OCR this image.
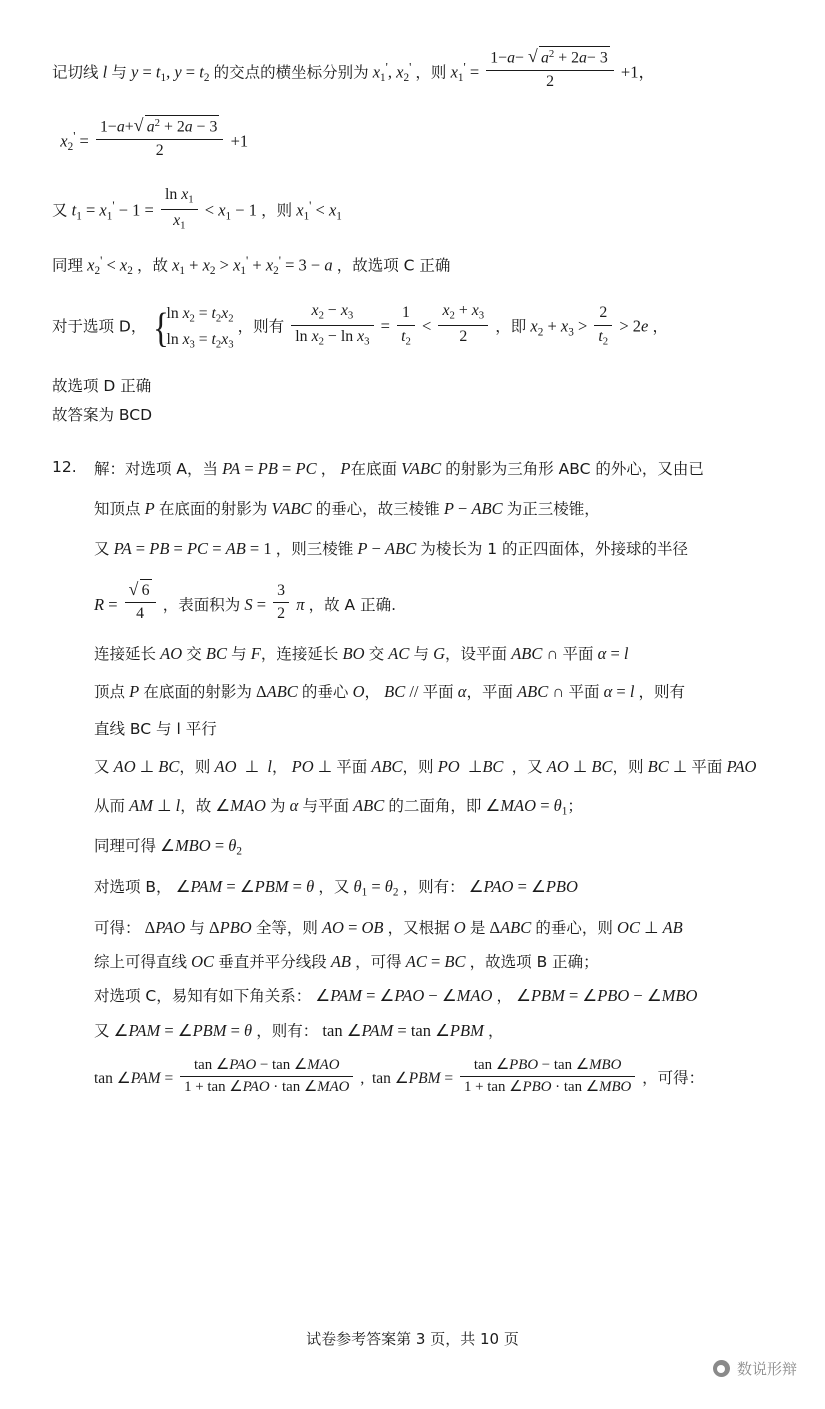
记切线 l 与 $y = t_1$, $y = t_2$ 的交点的横坐标分别为 $x_1'$, $x_2'$ ，则 $x_1' = \frac{1-a- √ a^2 + 2a- 3}{2} +1$，
$x_2' = \frac{1-a+ √ a^2 + 2a - 3}{2} +1$
又 $t_1 = x_1' - 1 = \frac{\ln x_1}{x_1} < x_1 - 1$ ，则 $x_1' < x_1$
同理 $x_2' < x_2$ ，故 $x_1 + x_2 > x_1' + x_2' = 3 - a$ ，故选项 C 正确
对于选项 D，
{ $\ln x_2 = t_2x_2$
$\ln x_3 = t_2x_3$
，则有 $\frac{x_2 - x_3}{\ln x_2 - \ln x_3} = \frac{1}{t_2} < \frac{x_2 + x_3}{2}$ ，即 $x_2 + x_3 > \frac{2}{t_2} > 2e$ ，
故选项 D 正确
故答案为 BCD
12. 解：对选项 A，当 PA = PB = PC ， P在底面 VABC 的射影为三角形 ABC 的外心，又由已
知顶点 P 在底面的射影为 VABC 的垂心，故三棱锥 P − ABC 为正三棱锥，
又 PA = PB = PC = AB = 1 ，则三棱锥 P − ABC 为棱长为 1 的正四面体，外接球的半径
R = √ $\frac{6}{4}$ ，表面积为 $S = \frac{3}{2}$ π ，故 A 正确.
连接延长 AO 交 BC 与 F，连接延长 BO 交 AC 与 G，设平面 ABC ∩ 平面 α = l
顶点 P 在底面的射影为 ΔABC 的垂心 O， BC // 平面 α，平面 ABC ∩ 平面 α = l ，则有
直线 BC 与 l 平行
又 AO ⊥ BC，则 AO  ⊥  l， PO ⊥ 平面 ABC，则 PO  ⊥BC ，又 AO ⊥ BC，则 BC ⊥ 平面 PAO
从而 AM ⊥ l，故 ∠MAO 为 α 与平面 ABC 的二面角，即 ∠MAO = $\theta_1$；
同理可得 ∠MBO = $\theta_2$
对选项 B， ∠PAM = ∠PBM = θ ，又 $\theta_1 = \theta_2$ ，则有： ∠PAO = ∠PBO
可得： ΔPAO 与 ΔPBO 全等，则 AO = OB ，又根据 O 是 ΔABC 的垂心，则 OC ⊥ AB
综上可得直线 OC 垂直并平分线段 AB ，可得 AC = BC ，故选项 B 正确；
对选项 C，易知有如下角关系： ∠PAM = ∠PAO − ∠MAO ， ∠PBM = ∠PBO − ∠MBO
又 ∠PAM = ∠PBM = θ ，则有： tan ∠PAM = tan ∠PBM ，
tan ∠PAM = $\frac{\text{tan ∠PAO − tan ∠MAO}}{\text{1 + tan ∠PAO · tan ∠MAO}}$ ,  tan ∠PBM = $\frac{\text{tan ∠PBO − tan ∠MBO}}{\text{1 + tan ∠PBO · tan ∠MBO}}$ ，可得：
试卷参考答案第 3 页，共 10 页
数说形辩
